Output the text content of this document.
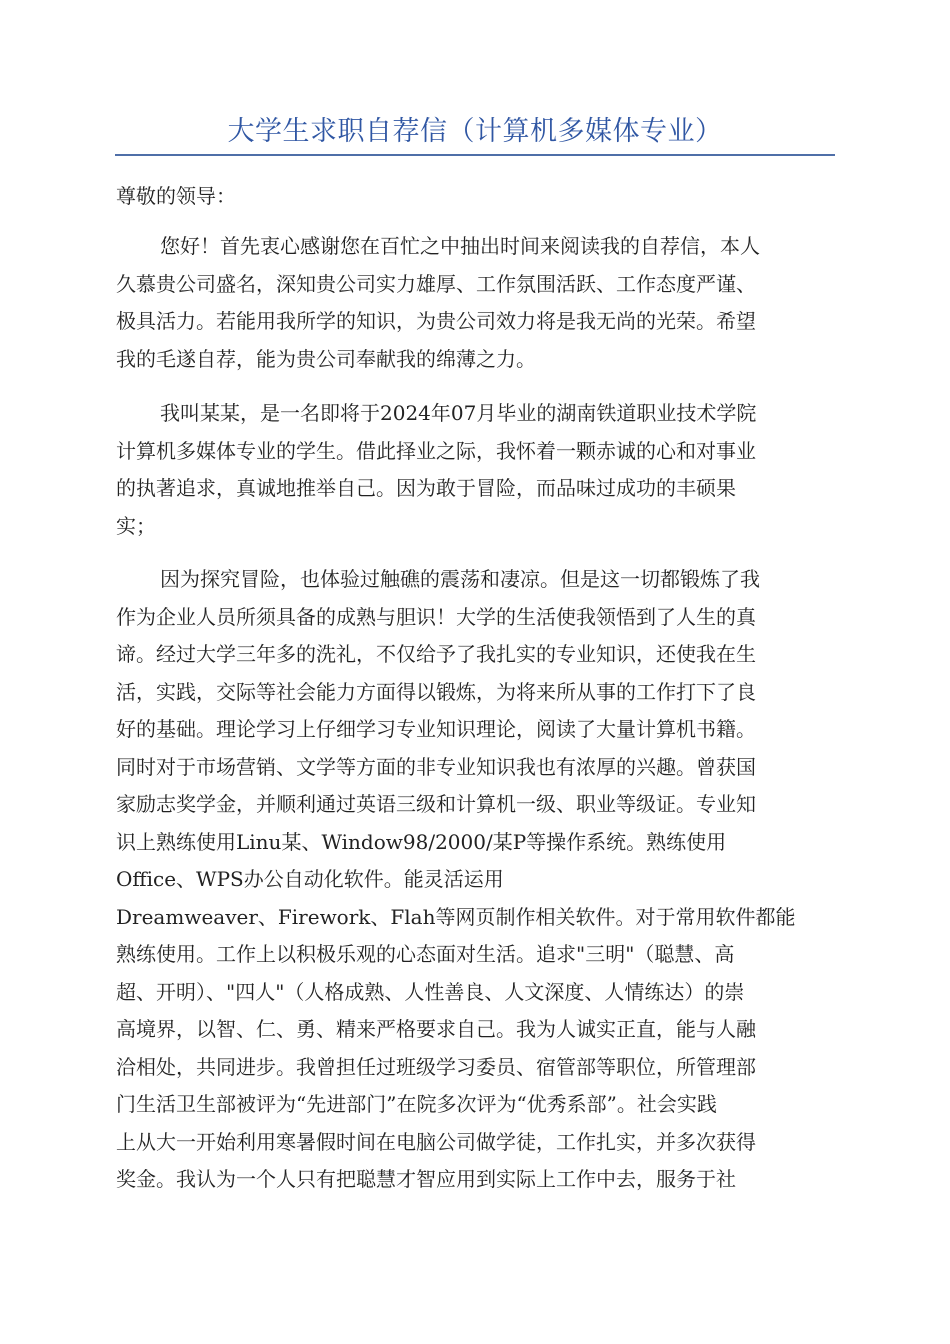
大学生求职自荐信（计算机多媒体专业）
尊敬的领导：
您好！首先衷心感谢您在百忙之中抽出时间来阅读我的自荐信，本人
久慕贵公司盛名，深知贵公司实力雄厚、工作氛围活跃、工作态度严谨、
极具活力。若能用我所学的知识，为贵公司效力将是我无尚的光荣。希望
我的毛遂自荐，能为贵公司奉献我的绵薄之力。
我叫某某，是一名即将于2024年07月毕业的湖南铁道职业技术学院
计算机多媒体专业的学生。借此择业之际，我怀着一颗赤诚的心和对事业
的执著追求，真诚地推举自己。因为敢于冒险，而品味过成功的丰硕果
实；
因为探究冒险，也体验过触礁的震荡和凄凉。但是这一切都锻炼了我
作为企业人员所须具备的成熟与胆识！大学的生活使我领悟到了人生的真
谛。经过大学三年多的洗礼，不仅给予了我扎实的专业知识，还使我在生
活，实践，交际等社会能力方面得以锻炼，为将来所从事的工作打下了良
好的基础。理论学习上仔细学习专业知识理论，阅读了大量计算机书籍。
同时对于市场营销、文学等方面的非专业知识我也有浓厚的兴趣。曾获国
家励志奖学金，并顺利通过英语三级和计算机一级、职业等级证。专业知
识上熟练使用Linu某、Window98/2000/某P等操作系统。熟练使用
Office、WPS办公自动化软件。能灵活运用
Dreamweaver、Firework、Flah等网页制作相关软件。对于常用软件都能
熟练使用。工作上以积极乐观的心态面对生活。追求"三明"（聪慧、高
超、开明）、"四人"（人格成熟、人性善良、人文深度、人情练达）的崇
高境界，以智、仁、勇、精来严格要求自己。我为人诚实正直，能与人融
洽相处，共同进步。我曾担任过班级学习委员、宿管部等职位，所管理部
门生活卫生部被评为“先进部门”在院多次评为“优秀系部”。社会实践
上从大一开始利用寒暑假时间在电脑公司做学徒，工作扎实，并多次获得
奖金。我认为一个人只有把聪慧才智应用到实际上工作中去，服务于社
